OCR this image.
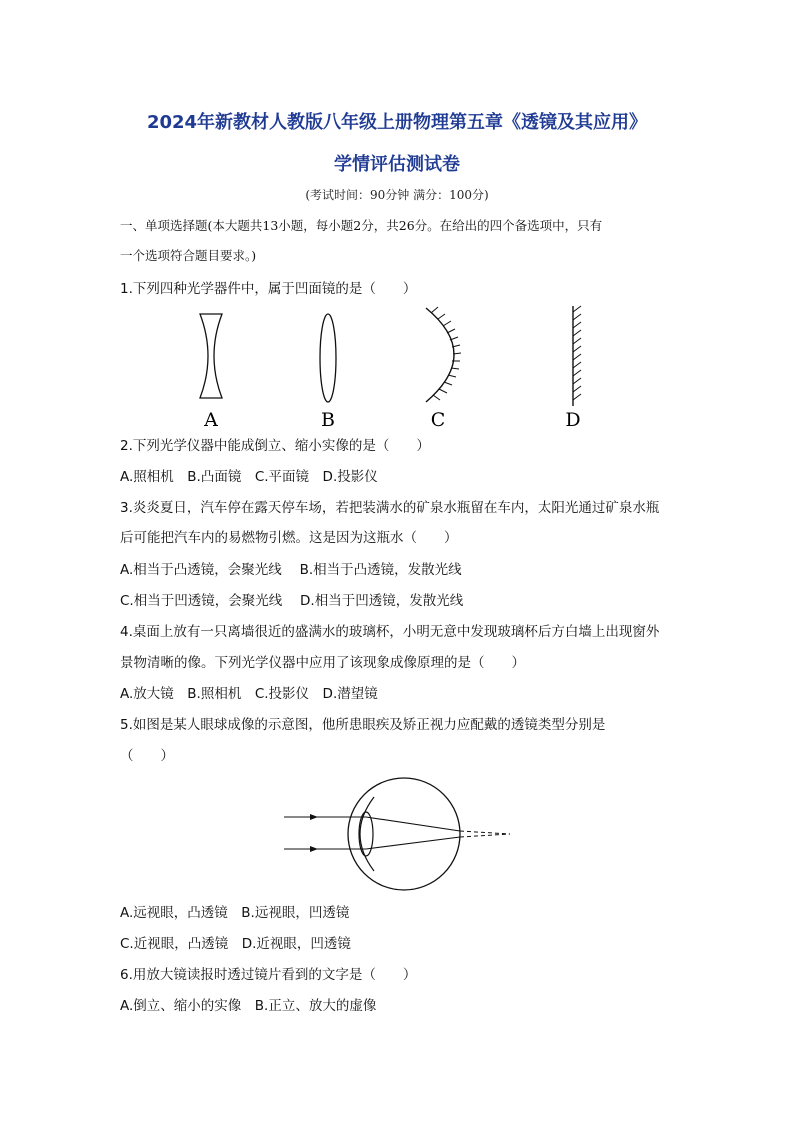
2024年新教材人教版八年级上册物理第五章《透镜及其应用》
学情评估测试卷
(考试时间：90分钟 满分：100分)
一、单项选择题(本大题共13小题，每小题2分，共26分。在给出的四个备选项中，只有
一个选项符合题目要求。)
1.下列四种光学器件中，属于凹面镜的是（　　）
A	B	C	D
2.下列光学仪器中能成倒立、缩小实像的是（　　）
A.照相机　B.凸面镜　C.平面镜　D.投影仪
3.炎炎夏日，汽车停在露天停车场，若把装满水的矿泉水瓶留在车内，太阳光通过矿泉水瓶
后可能把汽车内的易燃物引燃。这是因为这瓶水（　　）
A.相当于凸透镜，会聚光线　 B.相当于凸透镜，发散光线
C.相当于凹透镜，会聚光线　 D.相当于凹透镜，发散光线
4.桌面上放有一只离墙很近的盛满水的玻璃杯，小明无意中发现玻璃杯后方白墙上出现窗外
景物清晰的像。下列光学仪器中应用了该现象成像原理的是（　　）
A.放大镜　B.照相机　C.投影仪　D.潜望镜
5.如图是某人眼球成像的示意图，他所患眼疾及矫正视力应配戴的透镜类型分别是
（　　）
A.远视眼，凸透镜　B.远视眼，凹透镜
C.近视眼，凸透镜　D.近视眼，凹透镜
6.用放大镜读报时透过镜片看到的文字是（　　）
A.倒立、缩小的实像　B.正立、放大的虚像
